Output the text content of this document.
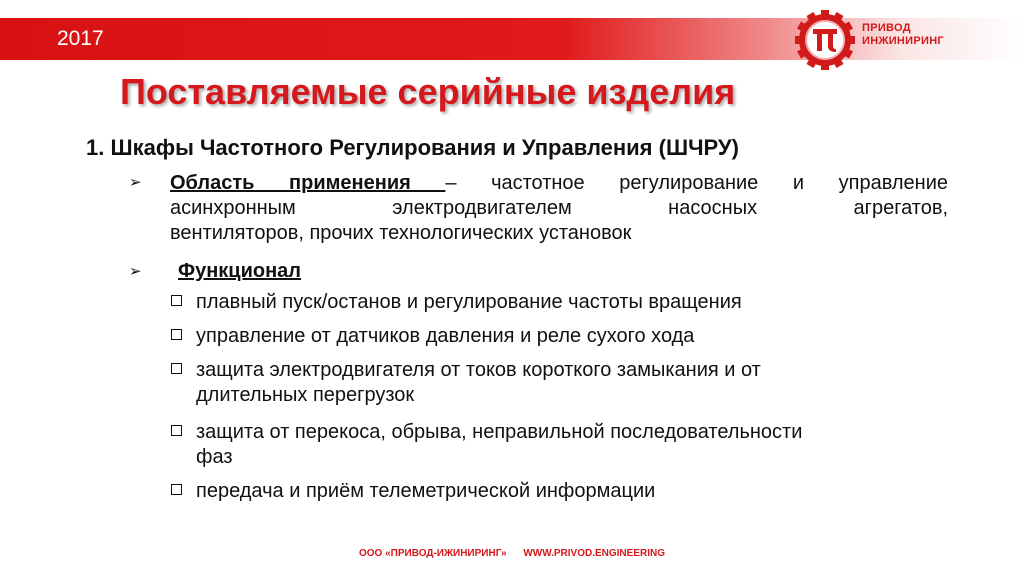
2017	ПРИВОД
ИНЖИНИРИНГ
Поставляемые серийные изделия
1. Шкафы Частотного Регулирования и Управления (ШЧРУ)
➢ Область применения – частотное регулирование и управление
асинхронным электродвигателем насосных агрегатов,
вентиляторов, прочих технологических установок
➢ Функционал
плавный пуск/останов и регулирование частоты вращения
управление от датчиков давления и реле сухого хода
защита электродвигателя от токов короткого замыкания и от
длительных перегрузок
защита от перекоса, обрыва, неправильной последовательности
фаз
передача и приём телеметрической информации
ООО «ПРИВОД-ИЖИНИРИНГ» WWW.PRIVOD.ENGINEERING
